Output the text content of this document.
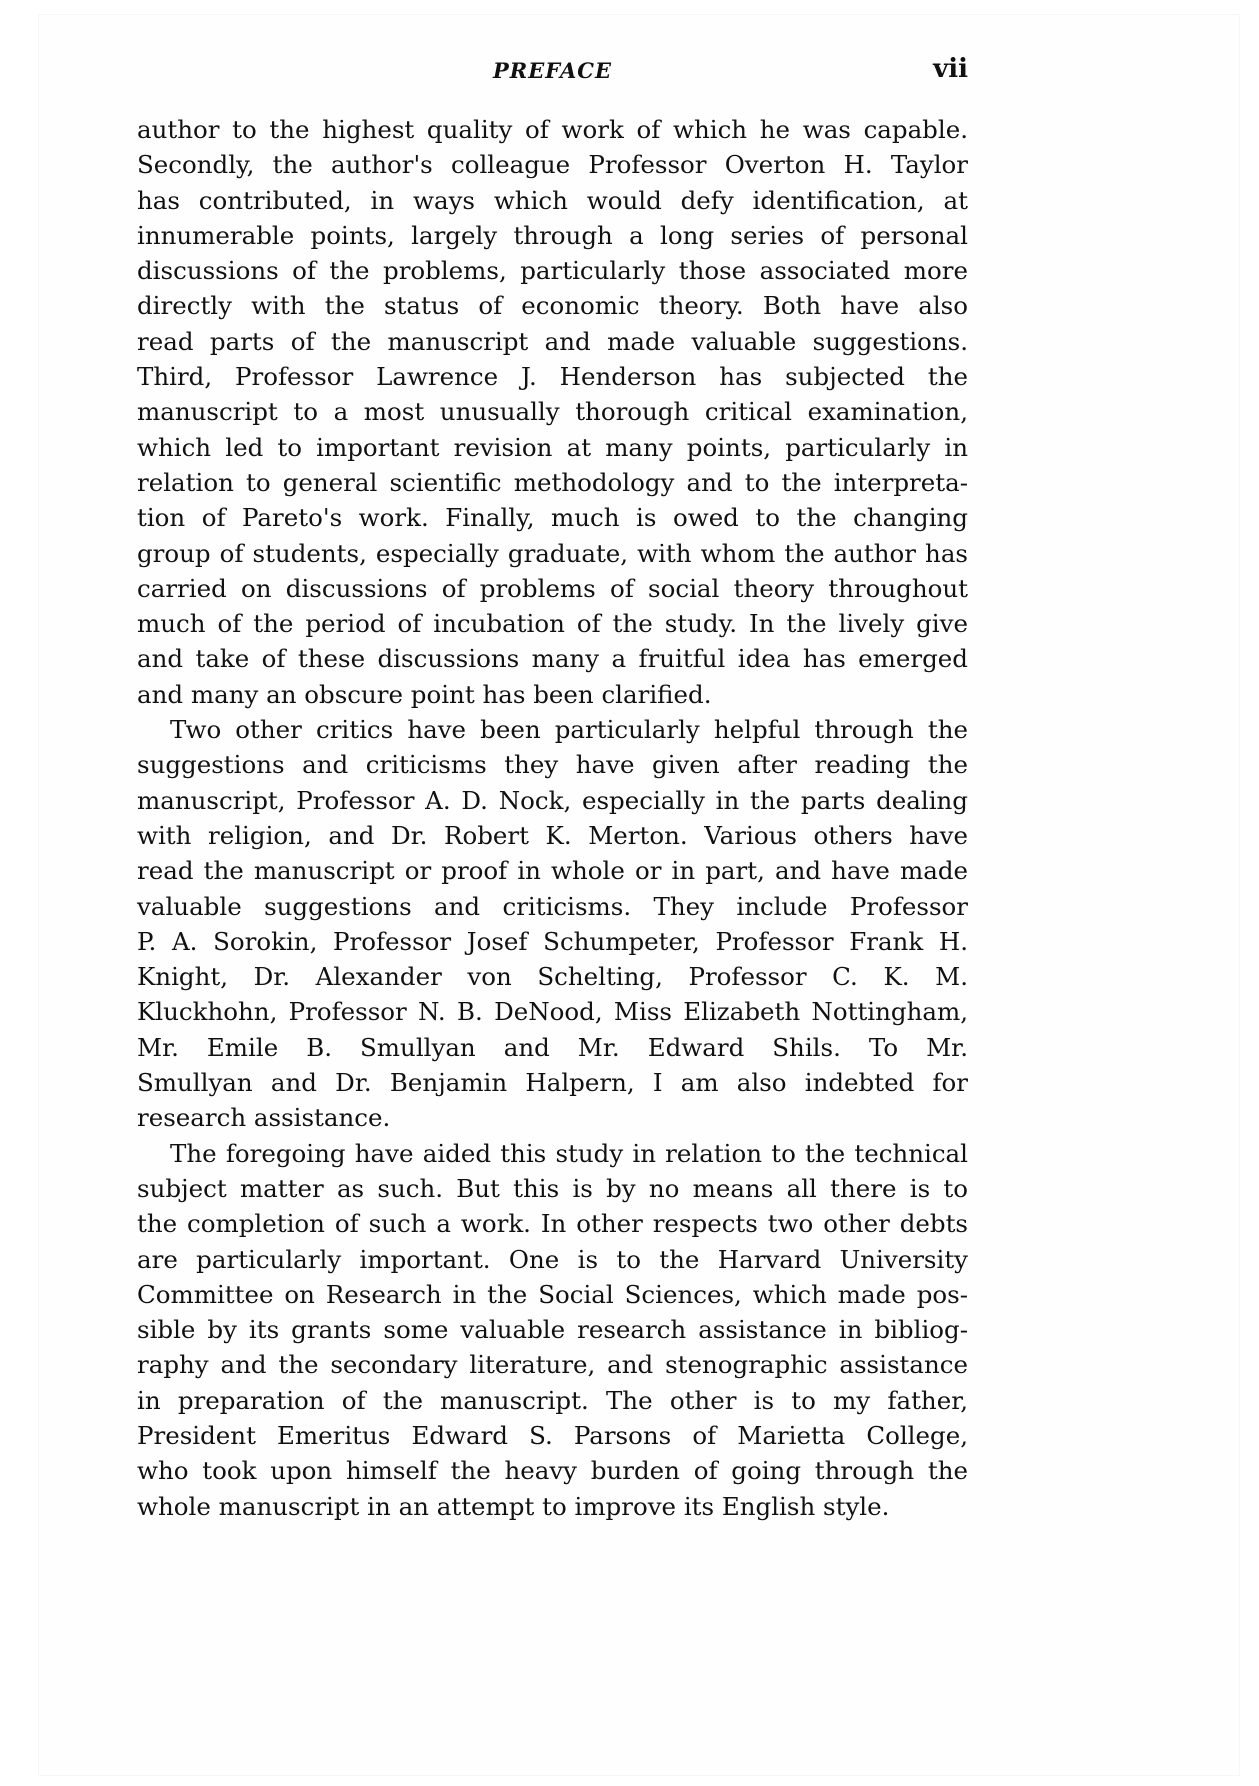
PREFACE	vii
author to the highest quality of work of which he was capable.
Secondly, the author's colleague Professor Overton H. Taylor
has contributed, in ways which would defy identification, at
innumerable points, largely through a long series of personal
discussions of the problems, particularly those associated more
directly with the status of economic theory. Both have also
read parts of the manuscript and made valuable suggestions.
Third, Professor Lawrence J. Henderson has subjected the
manuscript to a most unusually thorough critical examination,
which led to important revision at many points, particularly in
relation to general scientific methodology and to the interpreta-
tion of Pareto's work. Finally, much is owed to the changing
group of students, especially graduate, with whom the author has
carried on discussions of problems of social theory throughout
much of the period of incubation of the study. In the lively give
and take of these discussions many a fruitful idea has emerged
and many an obscure point has been clarified.
Two other critics have been particularly helpful through the
suggestions and criticisms they have given after reading the
manuscript, Professor A. D. Nock, especially in the parts dealing
with religion, and Dr. Robert K. Merton. Various others have
read the manuscript or proof in whole or in part, and have made
valuable suggestions and criticisms. They include Professor
P. A. Sorokin, Professor Josef Schumpeter, Professor Frank H.
Knight, Dr. Alexander von Schelting, Professor C. K. M.
Kluckhohn, Professor N. B. DeNood, Miss Elizabeth Nottingham,
Mr. Emile B. Smullyan and Mr. Edward Shils. To Mr.
Smullyan and Dr. Benjamin Halpern, I am also indebted for
research assistance.
The foregoing have aided this study in relation to the technical
subject matter as such. But this is by no means all there is to
the completion of such a work. In other respects two other debts
are particularly important. One is to the Harvard University
Committee on Research in the Social Sciences, which made pos-
sible by its grants some valuable research assistance in bibliog-
raphy and the secondary literature, and stenographic assistance
in preparation of the manuscript. The other is to my father,
President Emeritus Edward S. Parsons of Marietta College,
who took upon himself the heavy burden of going through the
whole manuscript in an attempt to improve its English style.
